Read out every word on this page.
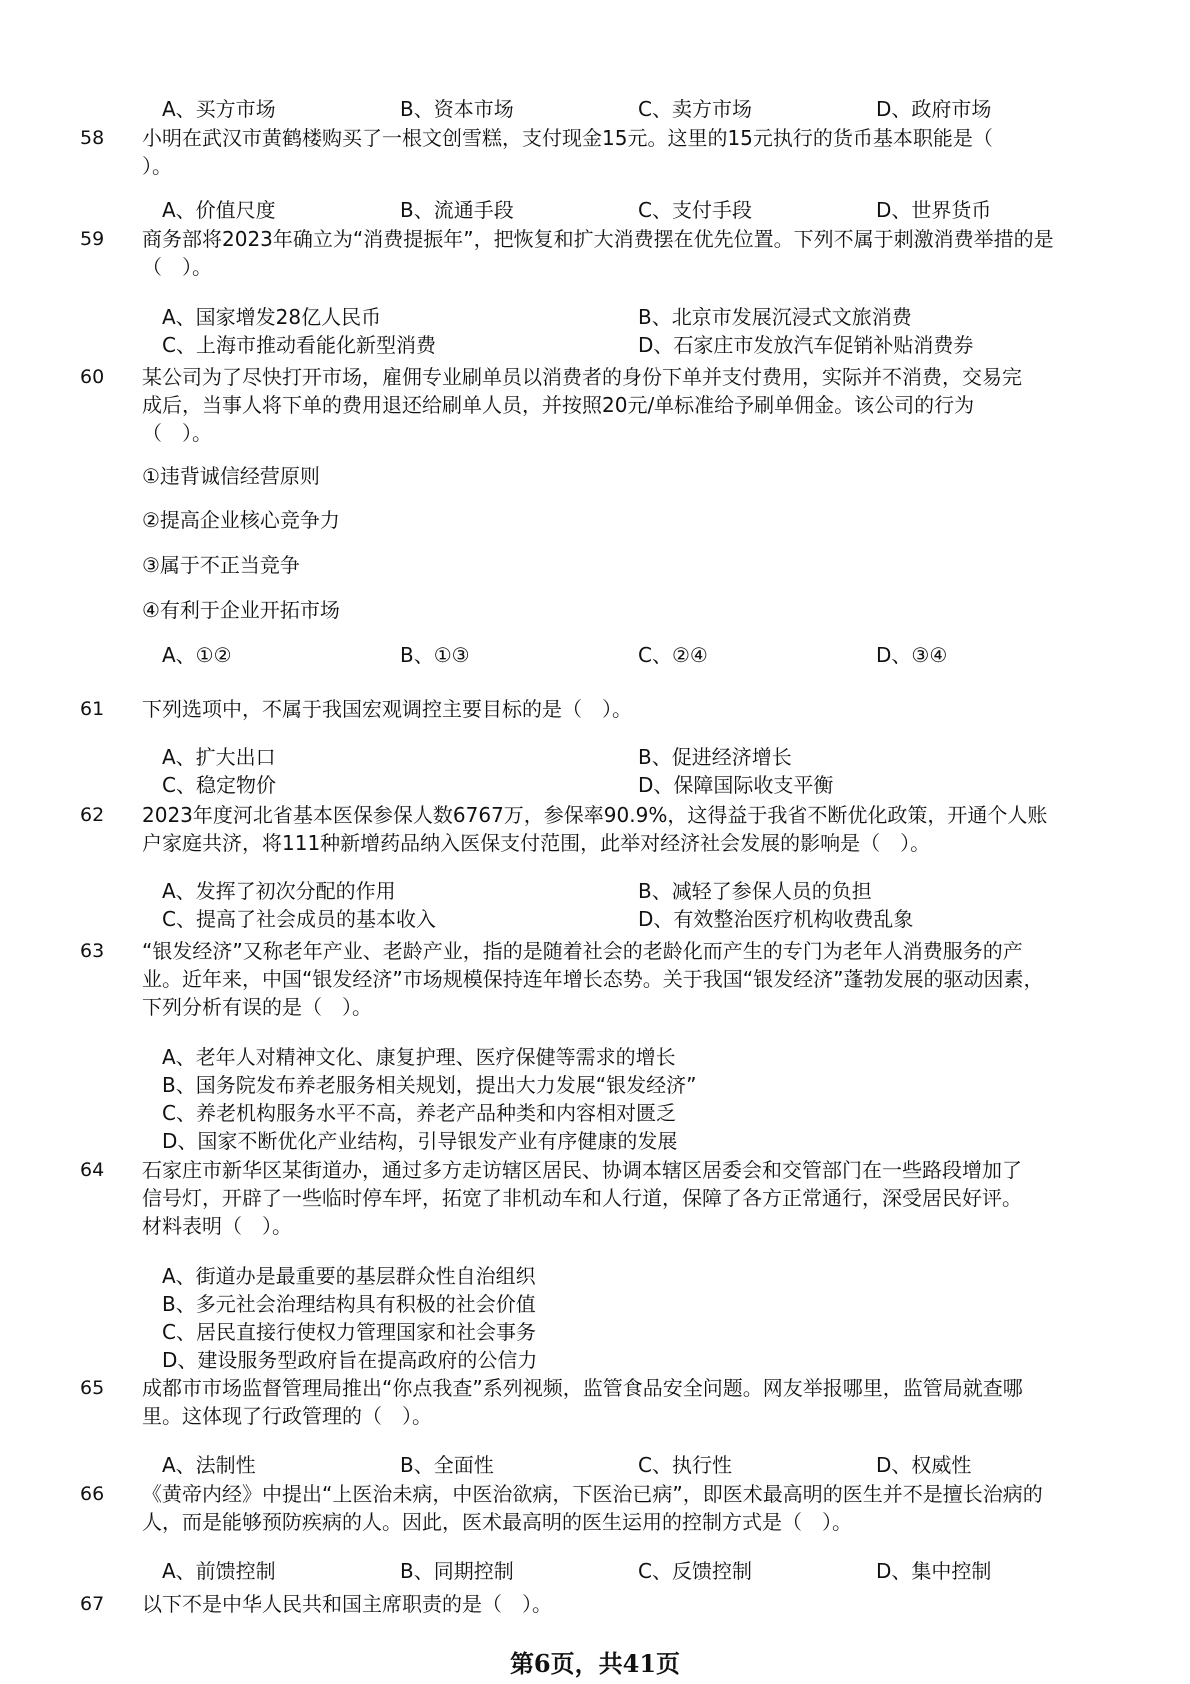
A、买方市场	B、资本市场	C、卖方市场	D、政府市场
58 小明在武汉市黄鹤楼购买了一根文创雪糕，支付现金15元。这里的15元执行的货币基本职能是（
）。
A、价值尺度	B、流通手段	C、支付手段	D、世界货币
59 商务部将2023年确立为“消费提振年”，把恢复和扩大消费摆在优先位置。下列不属于刺激消费举措的是
（　）。
A、国家增发28亿人民币	B、北京市发展沉浸式文旅消费
C、上海市推动看能化新型消费	D、石家庄市发放汽车促销补贴消费券
60 某公司为了尽快打开市场，雇佣专业刷单员以消费者的身份下单并支付费用，实际并不消费，交易完
成后，当事人将下单的费用退还给刷单人员，并按照20元/单标准给予刷单佣金。该公司的行为
（　）。
①违背诚信经营原则
②提高企业核心竞争力
③属于不正当竞争
④有利于企业开拓市场
A、①②	B、①③	C、②④	D、③④
61 下列选项中，不属于我国宏观调控主要目标的是（　）。
A、扩大出口	B、促进经济增长
C、稳定物价	D、保障国际收支平衡
62 2023年度河北省基本医保参保人数6767万，参保率90.9%，这得益于我省不断优化政策，开通个人账
户家庭共济，将111种新增药品纳入医保支付范围，此举对经济社会发展的影响是（　）。
A、发挥了初次分配的作用	B、减轻了参保人员的负担
C、提高了社会成员的基本收入	D、有效整治医疗机构收费乱象
63 “银发经济”又称老年产业、老龄产业，指的是随着社会的老龄化而产生的专门为老年人消费服务的产
业。近年来，中国“银发经济”市场规模保持连年增长态势。关于我国“银发经济”蓬勃发展的驱动因素，
下列分析有误的是（　）。
A、老年人对精神文化、康复护理、医疗保健等需求的增长
B、国务院发布养老服务相关规划，提出大力发展“银发经济”
C、养老机构服务水平不高，养老产品种类和内容相对匮乏
D、国家不断优化产业结构，引导银发产业有序健康的发展
64 石家庄市新华区某街道办，通过多方走访辖区居民、协调本辖区居委会和交管部门在一些路段增加了
信号灯，开辟了一些临时停车坪，拓宽了非机动车和人行道，保障了各方正常通行，深受居民好评。
材料表明（　）。
A、街道办是最重要的基层群众性自治组织
B、多元社会治理结构具有积极的社会价值
C、居民直接行使权力管理国家和社会事务
D、建设服务型政府旨在提高政府的公信力
65 成都市市场监督管理局推出“你点我查”系列视频，监管食品安全问题。网友举报哪里，监管局就查哪
里。这体现了行政管理的（　）。
A、法制性	B、全面性	C、执行性	D、权威性
66 《黄帝内经》中提出“上医治未病，中医治欲病，下医治已病”，即医术最高明的医生并不是擅长治病的
人，而是能够预防疾病的人。因此，医术最高明的医生运用的控制方式是（　）。
A、前馈控制	B、同期控制	C、反馈控制	D、集中控制
67 以下不是中华人民共和国主席职责的是（　）。
第6页，共41页
